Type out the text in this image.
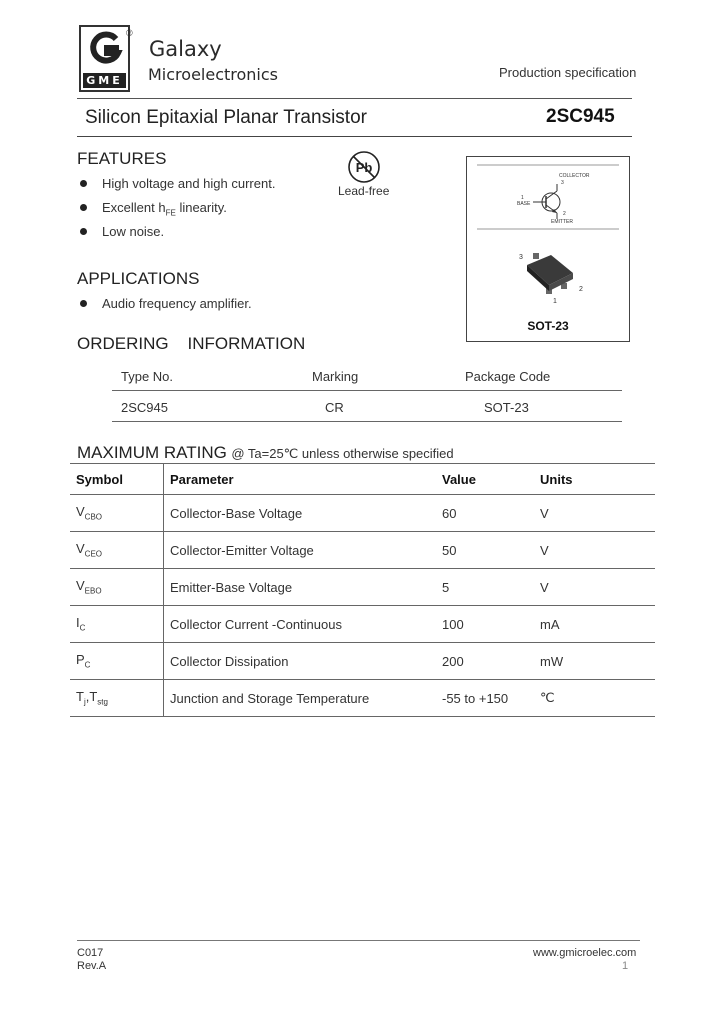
GME
®
Galaxy
Microelectronics	Production specification
Silicon Epitaxial Planar Transistor	2SC945
FEATURES
High voltage and high current.
Excellent $h_{FE}$ linearity.
Low noise.
Pb
Lead-free
COLLECTOR
3
1
BASE
2
EMITTER
3
2
1
SOT-23
APPLICATIONS
Audio frequency amplifier.
ORDERING    INFORMATION
Type No.	Marking	Package Code
2SC945	CR	SOT-23
MAXIMUM RATING @ Ta=25℃ unless otherwise specified
Symbol	Parameter	Value	Units
$V_{CBO}$	Collector-Base Voltage	60	V
$V_{CEO}$	Collector-Emitter Voltage	50	V
$V_{EBO}$	Emitter-Base Voltage	5	V
$I_C$	Collector Current -Continuous	100	mA
$P_C$	Collector Dissipation	200	mW
$T_j,T_{stg}$	Junction and Storage Temperature	-55 to +150	℃
C017
Rev.A
www.gmicroelec.com
1
